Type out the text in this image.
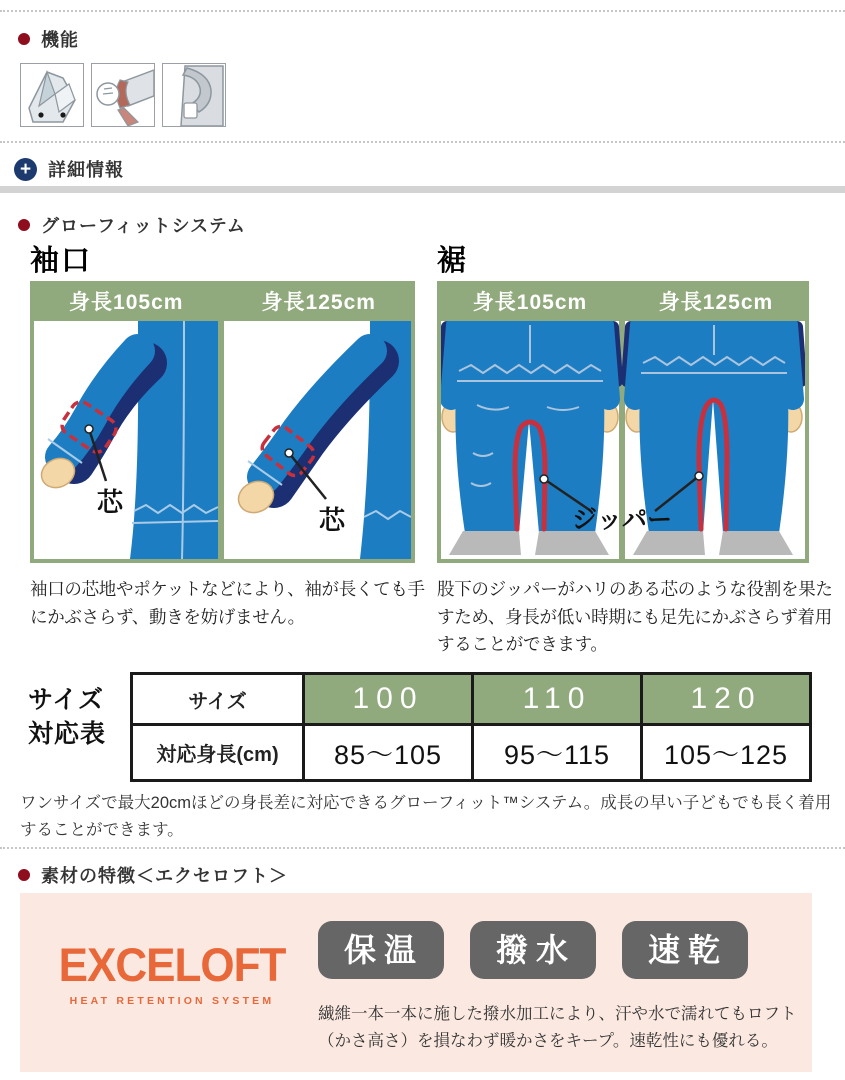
機能
+
詳細情報
グローフィットシステム
袖口	裾
身長105cm	身長125cm
芯
芯
身長105cm	身長125cm
ジッパー

袖口の芯地やポケットなどにより、袖が長くても手にかぶさらず、動きを妨げません。

股下のジッパーがハリのある芯のような役割を果たすため、身長が低い時期にも足先にかぶさらず着用することができます。

サイズ
対応表
サイズ	100	110	120
対応身長(cm)	85～105	95～115	105～125

ワンサイズで最大20cmほどの身長差に対応できるグローフィット™システム。成長の早い子どもでも長く着用することができます。

素材の特徴＜エクセロフト＞
EXCELOFT
HEAT RETENTION SYSTEM
保温	撥水	速乾

繊維一本一本に施した撥水加工により、汗や水で濡れてもロフト（かさ高さ）を損なわず暖かさをキープ。速乾性にも優れる。
